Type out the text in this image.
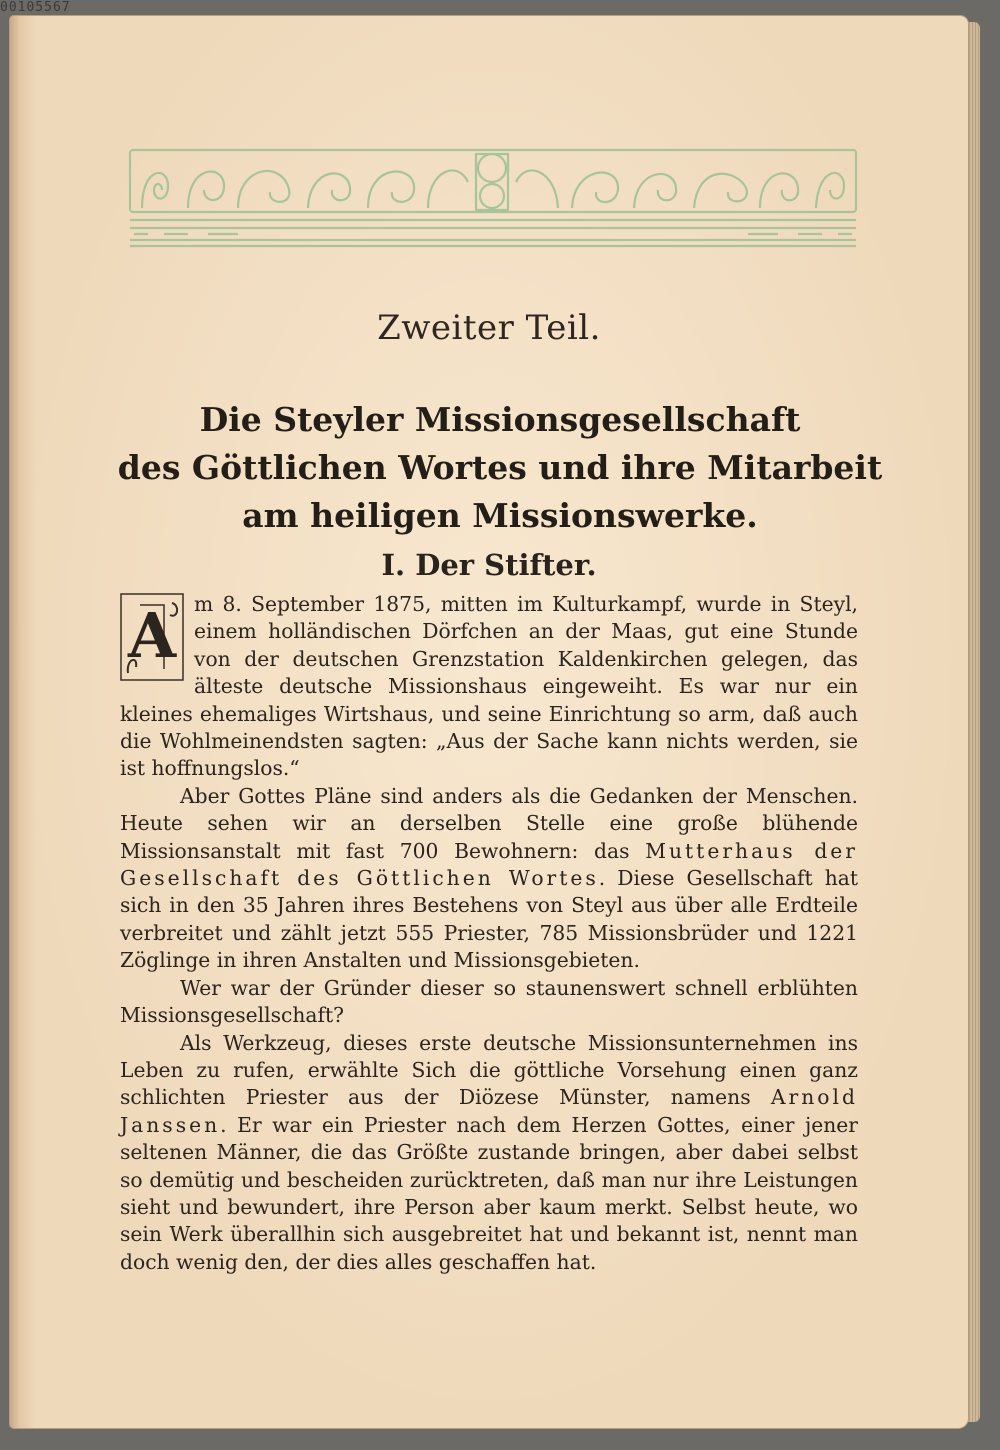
00105567
Zweiter Teil.
Die Steyler Missionsgesellschaft
des Göttlichen Wortes und ihre Mitarbeit
am heiligen Missionswerke.
I. Der Stifter.

A m 8. September 1875, mitten im Kulturkampf, wurde in Steyl, einem holländischen Dörfchen an der Maas, gut eine Stunde von der deutschen Grenzstation Kaldenkirchen gelegen, das älteste deutsche Missionshaus eingeweiht. Es war nur ein kleines ehemaliges Wirtshaus, und seine Einrichtung so arm, daß auch die Wohlmeinendsten sagten: „Aus der Sache kann nichts werden, sie ist hoffnungslos.“

Aber Gottes Pläne sind anders als die Gedanken der Menschen. Heute sehen wir an derselben Stelle eine große blühende Missionsanstalt mit fast 700 Bewohnern: das Mutterhaus der Gesellschaft des Göttlichen Wortes. Diese Gesellschaft hat sich in den 35 Jahren ihres Bestehens von Steyl aus über alle Erdteile verbreitet und zählt jetzt 555 Priester, 785 Missionsbrüder und 1221 Zöglinge in ihren Anstalten und Missionsgebieten.

Wer war der Gründer dieser so staunenswert schnell erblühten Missionsgesellschaft?

Als Werkzeug, dieses erste deutsche Missionsunternehmen ins Leben zu rufen, erwählte Sich die göttliche Vorsehung einen ganz schlichten Priester aus der Diözese Münster, namens Arnold Janssen. Er war ein Priester nach dem Herzen Gottes, einer jener seltenen Männer, die das Größte zustande bringen, aber dabei selbst so demütig und bescheiden zurücktreten, daß man nur ihre Leistungen sieht und bewundert, ihre Person aber kaum merkt. Selbst heute, wo sein Werk überallhin sich ausgebreitet hat und bekannt ist, nennt man doch wenig den, der dies alles geschaffen hat.
